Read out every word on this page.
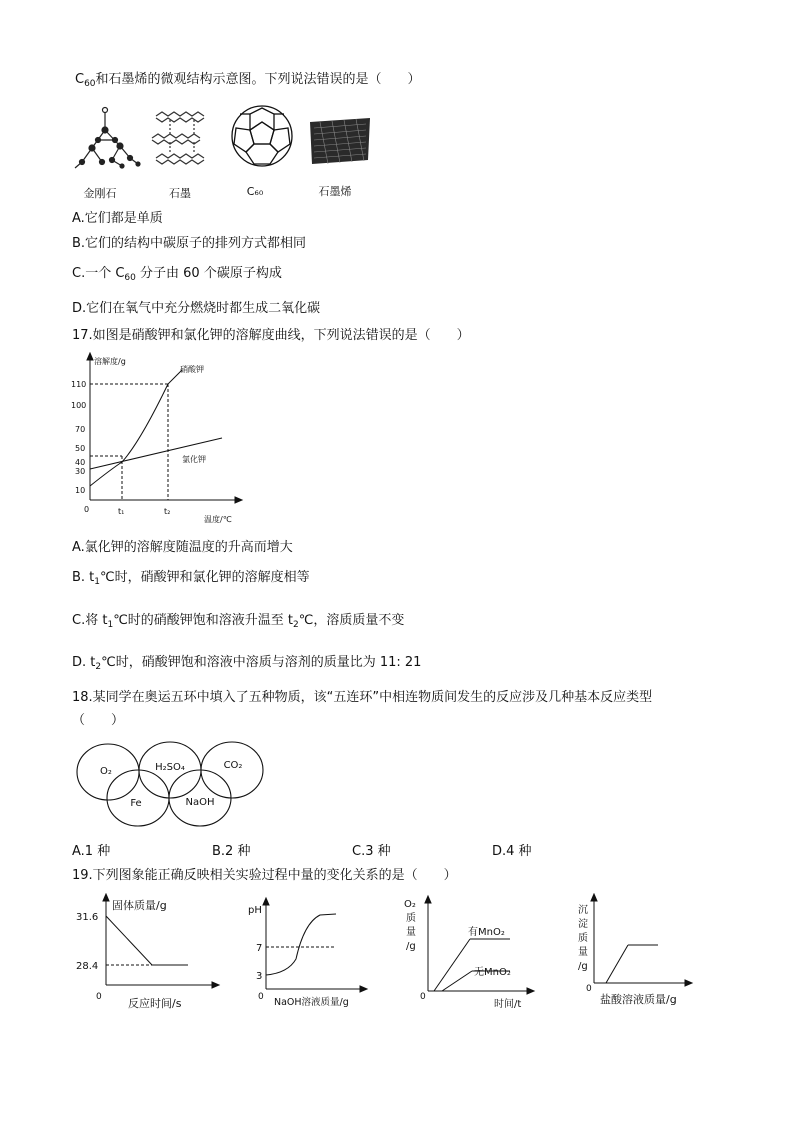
$C_{60}$和石墨烯的微观结构示意图。下列说法错误的是（　　）
金刚石	石墨	C₆₀	石墨烯
A.它们都是单质
B.它们的结构中碳原子的排列方式都相同
C.一个 $C_{60}$ 分子由 60 个碳原子构成
D.它们在氧气中充分燃烧时都生成二氧化碳
17.如图是硝酸钾和氯化钾的溶解度曲线，下列说法错误的是（　　）
溶解度/g
硝酸钾
氯化钾
110
100
70
50
40
30
10
0	t₁	t₂
温度/℃
A.氯化钾的溶解度随温度的升高而增大
B. $t_1℃$时，硝酸钾和氯化钾的溶解度相等
C.将 $t_1℃$时的硝酸钾饱和溶液升温至 $t_2℃$，溶质质量不变
D. $t_2℃$时，硝酸钾饱和溶液中溶质与溶剂的质量比为 11: 21
18.某同学在奥运五环中填入了五种物质，该“五连环”中相连物质间发生的反应涉及几种基本反应类型
（　　）
O₂
Fe
H₂SO₄
NaOH
CO₂
A.1 种	B.2 种	C.3 种	D.4 种
19.下列图象能正确反映相关实验过程中量的变化关系的是（　　）
固体质量/g
31.6
28.4
0 反应时间/s
pH
7
3
0 NaOH溶液质量/g
O₂
质
量
/g
有MnO₂
无MnO₂
0
时间/t
沉
淀
质
量
/g
0
盐酸溶液质量/g
